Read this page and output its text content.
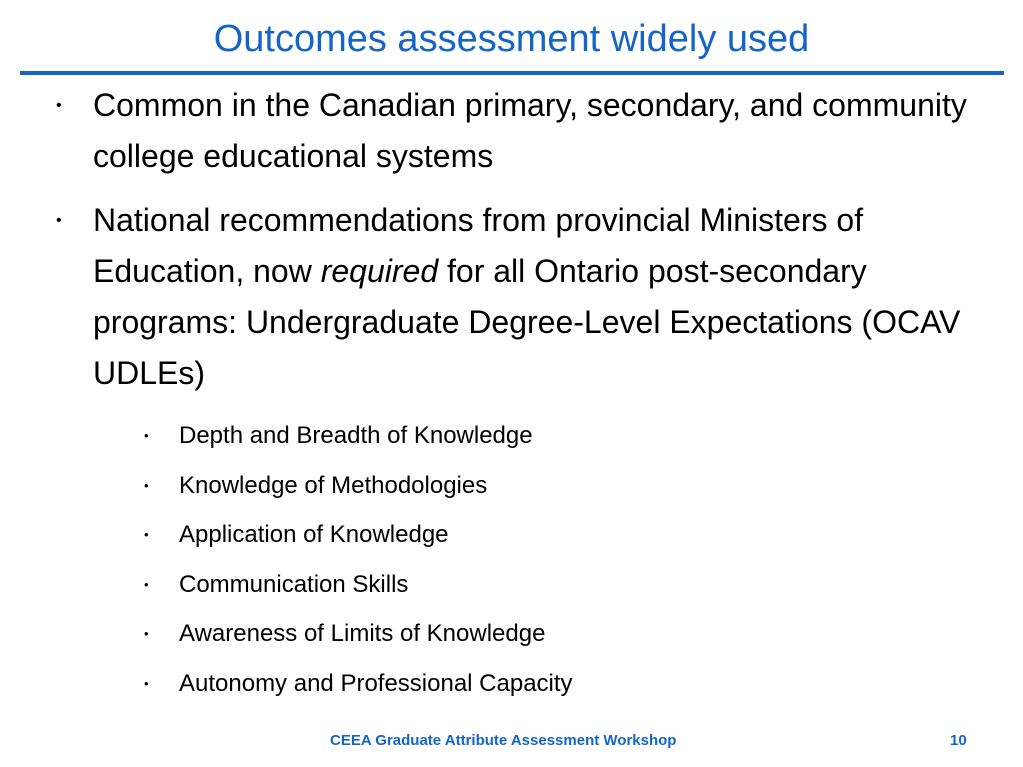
Outcomes assessment widely used
• Common in the Canadian primary, secondary, and community college educational systems
• National recommendations from provincial Ministers of Education, now required for all Ontario post-secondary programs: Undergraduate Degree-Level Expectations (OCAV UDLEs)
• Depth and Breadth of Knowledge
• Knowledge of Methodologies
• Application of Knowledge
• Communication Skills
• Awareness of Limits of Knowledge
• Autonomy and Professional Capacity
CEEA Graduate Attribute Assessment Workshop	10
